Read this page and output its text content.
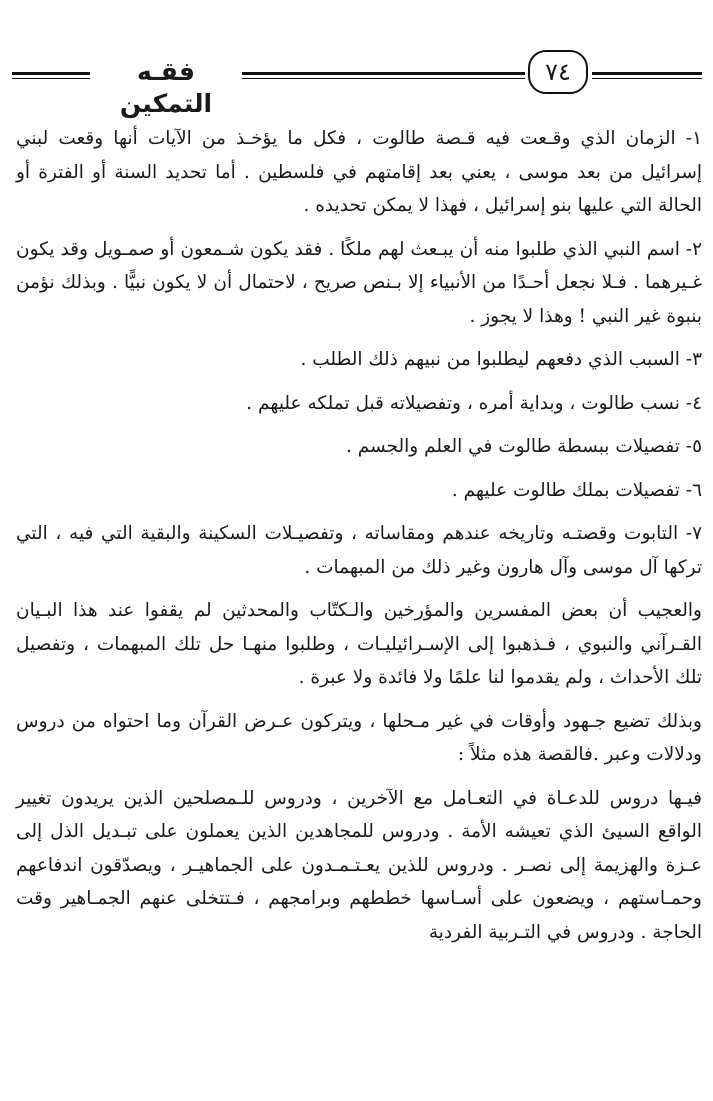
فقـه التمكين
٧٤

١- الزمان الذي وقـعت فيه قـصة طالوت ، فكل ما يؤخـذ من الآيات أنها وقعت لبني إسرائيل من بعد موسى ، يعني بعد إقامتهم في فلسطين . أما تحديد السنة أو الفترة أو الحالة التي عليها بنو إسرائيل ، فهذا لا يمكن تحديده .

٢- اسم النبي الذي طلبوا منه أن يبـعث لهم ملكًا . فقد يكون شـمعون أو صمـويل وقد يكون غـيرهما . فـلا نجعل أحـدًا من الأنبياء إلا بـنص صريح ، لاحتمال أن لا يكون نبيًّا . وبذلك نؤمن بنبوة غير النبي ! وهذا لا يجوز .

٣- السبب الذي دفعهم ليطلبوا من نبيهم ذلك الطلب .

٤- نسب طالوت ، وبداية أمره ، وتفصيلاته قبل تملكه عليهم .

٥- تفصيلات ببسطة طالوت في العلم والجسم .

٦- تفصيلات بملك طالوت عليهم .

٧- التابوت وقصتـه وتاريخه عندهم ومقاساته ، وتفصيـلات السكينة والبقية التي فيه ، التي تركها آل موسى وآل هارون وغير ذلك من المبهمات .

والعجيب أن بعض المفسرين والمؤرخين والـكتّاب والمحدثين لم يقفوا عند هذا البـيان القـرآني والنبوي ، فـذهبوا إلى الإسـرائيليـات ، وطلبوا منهـا حل تلك المبهمات ، وتفصيل تلك الأحداث ، ولم يقدموا لنا علمًا ولا فائدة ولا عبرة .

وبذلك تضيع جـهود وأوقات في غير مـحلها ، ويتركون عـرض القرآن وما احتواه من دروس ودلالات وعبر .فالقصة هذه مثلاً :

فيـها دروس للدعـاة في التعـامل مع الآخرين ، ودروس للـمصلحين الذين يريدون تغيير الواقع السيئ الذي تعيشه الأمة . ودروس للمجاهدين الذين يعملون على تبـديل الذل إلى عـزة والهزيمة إلى نصـر . ودروس للذين يعـتـمـدون على الجماهيـر ، ويصدّقون اندفاعهم وحمـاستهم ، ويضعون على أسـاسها خططهم وبرامجهم ، فـتتخلى عنهم الجمـاهير وقت الحاجة . ودروس في التـربية الفردية
